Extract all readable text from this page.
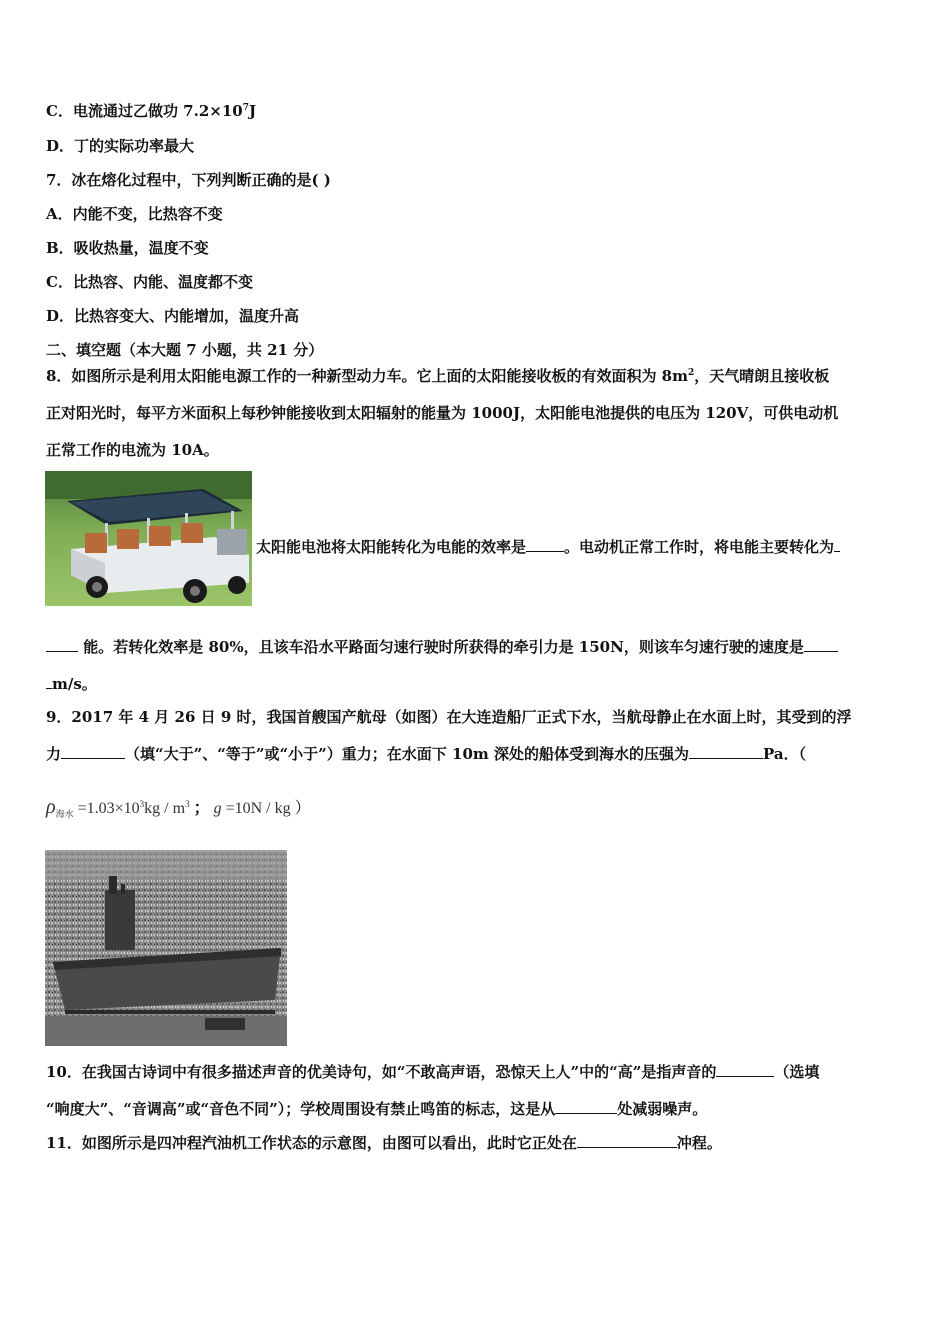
C．电流通过乙做功 $7.2\times 10^7J$
D．丁的实际功率最大
7．冰在熔化过程中，下列判断正确的是( )
A．内能不变，比热容不变
B．吸收热量，温度不变
C．比热容、内能、温度都不变
D．比热容变大、内能增加，温度升高
二、填空题（本大题 7 小题，共 21 分）
8．如图所示是利用太阳能电源工作的一种新型动力车。它上面的太阳能接收板的有效面积为 $8m^2$，天气晴朗且接收板
正对阳光时，每平方米面积上每秒钟能接收到太阳辐射的能量为 1000J，太阳能电池提供的电压为 120V，可供电动机
正常工作的电流为 10A。
太阳能电池将太阳能转化为电能的效率是	。电动机正常工作时，将电能主要转化为
能。若转化效率是 80%，且该车沿水平路面匀速行驶时所获得的牵引力是 150N，则该车匀速行驶的速度是
m/s。
9．2017 年 4 月 26 日 9 时，我国首艘国产航母（如图）在大连造船厂正式下水，当航母静止在水面上时，其受到的浮
力	（填“大于”、“等于”或“小于”）重力；在水面下 10m 深处的船体受到海水的压强为	Pa．（
$\rho_{海水} =1.03\times 10^3kg / m^3$ ； g =10N / kg ）
10．在我国古诗词中有很多描述声音的优美诗句，如“不敢高声语，恐惊天上人”中的“高”是指声音的	（选填
“响度大”、“音调高”或“音色不同”）；学校周围设有禁止鸣笛的标志，这是从	处减弱噪声。
11．如图所示是四冲程汽油机工作状态的示意图，由图可以看出，此时它正处在	冲程。
